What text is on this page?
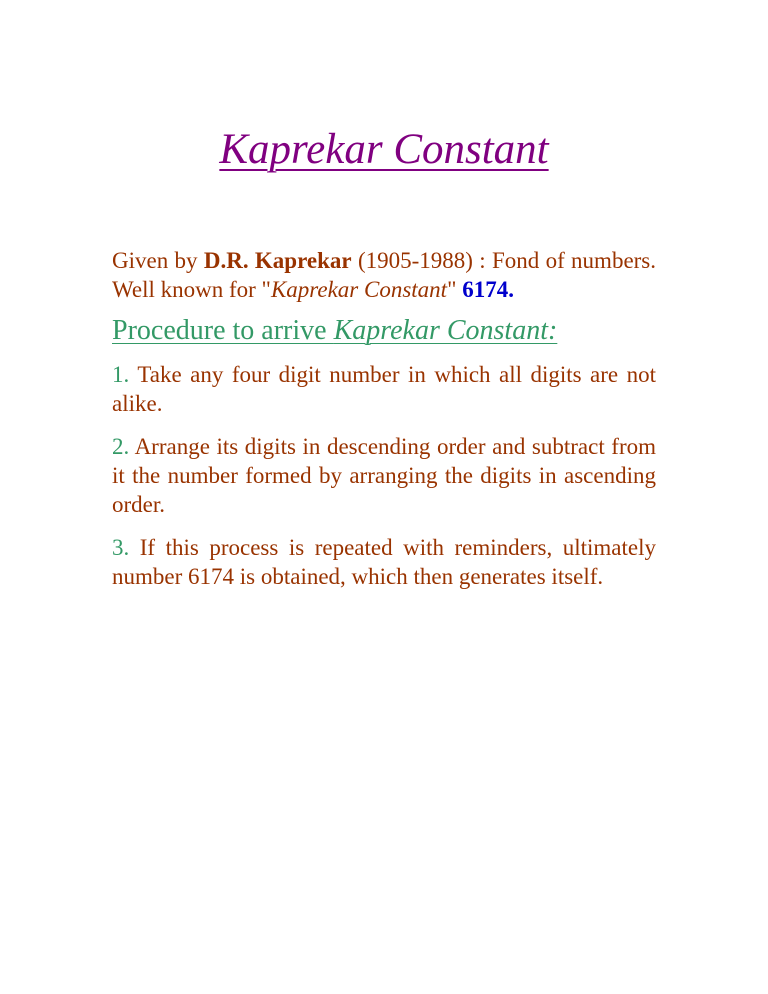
Kaprekar Constant

Given by D.R. Kaprekar (1905-1988) : Fond of numbers. Well known for "Kaprekar Constant" 6174.

Procedure to arrive Kaprekar Constant:

1. Take any four digit number in which all digits are not alike.

2. Arrange its digits in descending order and subtract from it the number formed by arranging the digits in ascending order.

3. If this process is repeated with reminders, ultimately number 6174 is obtained, which then generates itself.
